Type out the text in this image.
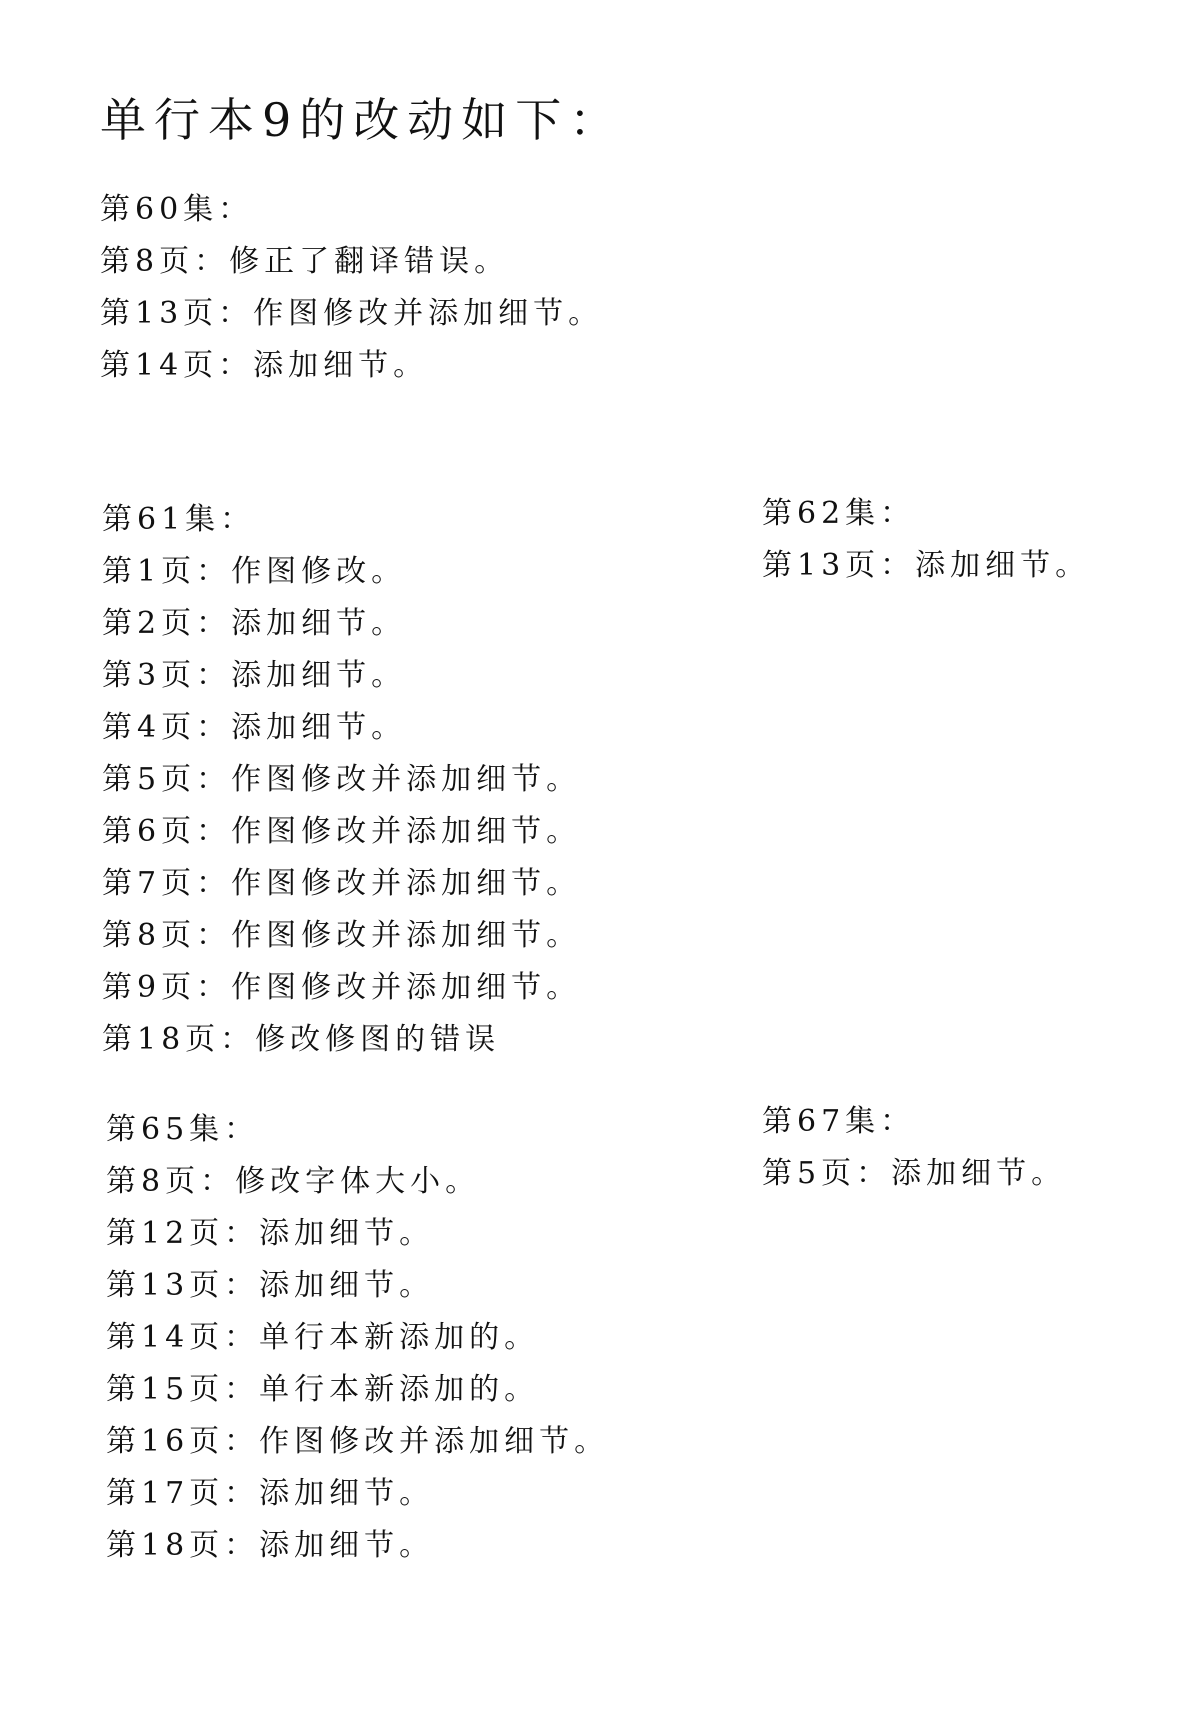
单行本9的改动如下：
第60集：
第8页：修正了翻译错误。
第13页：作图修改并添加细节。
第14页：添加细节。
第61集：
第1页：作图修改。
第2页：添加细节。
第3页：添加细节。
第4页：添加细节。
第5页：作图修改并添加细节。
第6页：作图修改并添加细节。
第7页：作图修改并添加细节。
第8页：作图修改并添加细节。
第9页：作图修改并添加细节。
第18页：修改修图的错误
第62集：
第13页：添加细节。
第65集：
第8页：修改字体大小。
第12页：添加细节。
第13页：添加细节。
第14页：单行本新添加的。
第15页：单行本新添加的。
第16页：作图修改并添加细节。
第17页：添加细节。
第18页：添加细节。
第67集：
第5页：添加细节。
